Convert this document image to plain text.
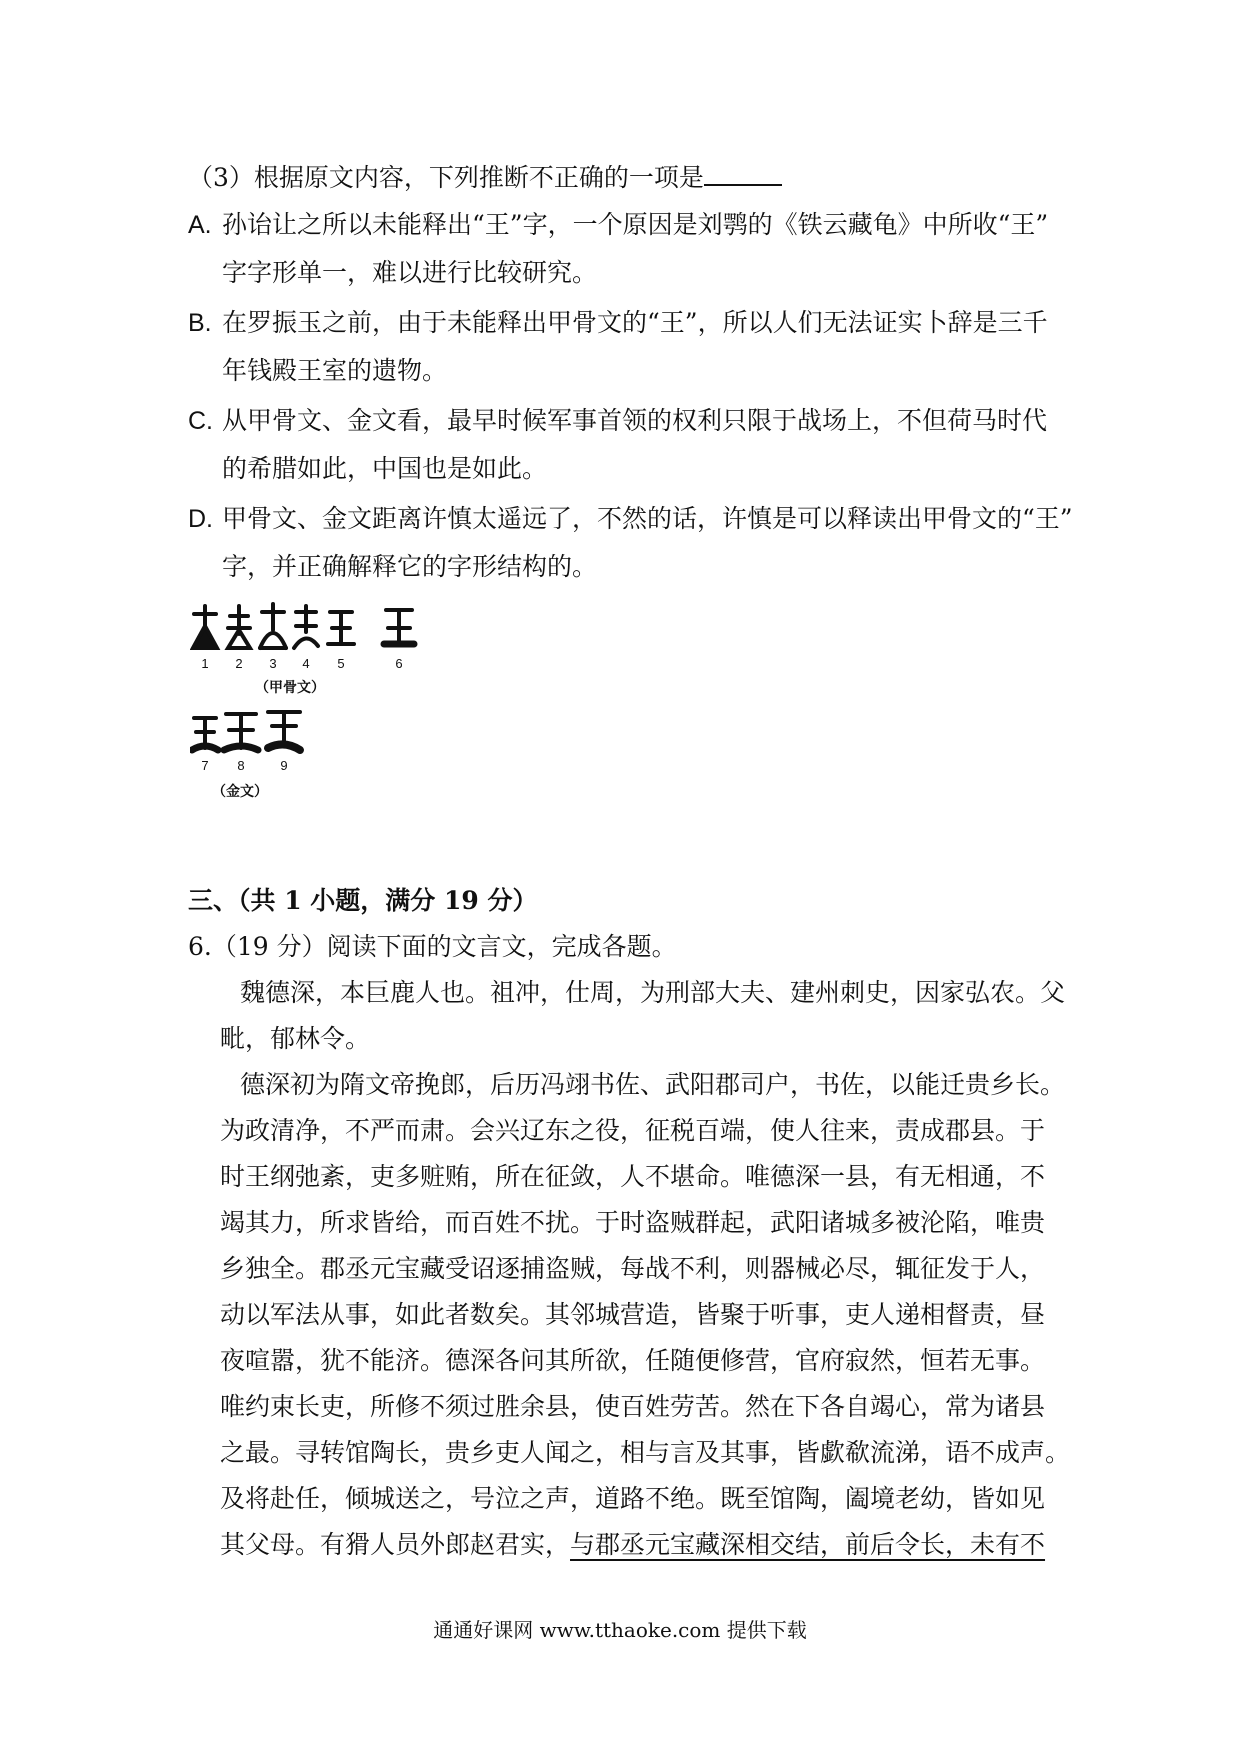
（3）根据原文内容，下列推断不正确的一项是
A. 孙诒让之所以未能释出“王”字，一个原因是刘鹗的《铁云藏龟》中所收“王”
字字形单一，难以进行比较研究。
B. 在罗振玉之前，由于未能释出甲骨文的“王”，所以人们无法证实卜辞是三千
年钱殿王室的遗物。
C. 从甲骨文、金文看，最早时候军事首领的权利只限于战场上，不但荷马时代
的希腊如此，中国也是如此。
D. 甲骨文、金文距离许慎太遥远了，不然的话，许慎是可以释读出甲骨文的“王”
字，并正确解释它的字形结构的。
1 2 3 4 5	6
（甲骨文）
7 8	9
（金文）
三、（共 1 小题，满分 19 分）
6.（19 分）阅读下面的文言文，完成各题。
魏德深，本巨鹿人也。祖冲，仕周，为刑部大夫、建州刺史，因家弘农。父
毗，郁林令。
德深初为隋文帝挽郎，后历冯翊书佐、武阳郡司户，书佐，以能迁贵乡长。
为政清净，不严而肃。会兴辽东之役，征税百端，使人往来，责成郡县。于
时王纲弛紊，吏多赃贿，所在征敛，人不堪命。唯德深一县，有无相通，不
竭其力，所求皆给，而百姓不扰。于时盗贼群起，武阳诸城多被沦陷，唯贵
乡独全。郡丞元宝藏受诏逐捕盗贼，每战不利，则器械必尽，辄征发于人，
动以军法从事，如此者数矣。其邻城营造，皆聚于听事，吏人递相督责，昼
夜喧嚣，犹不能济。德深各问其所欲，任随便修营，官府寂然，恒若无事。
唯约束长吏，所修不须过胜余县，使百姓劳苦。然在下各自竭心，常为诸县
之最。寻转馆陶长，贵乡吏人闻之，相与言及其事，皆歔欷流涕，语不成声。
及将赴任，倾城送之，号泣之声，道路不绝。既至馆陶，阖境老幼，皆如见
其父母。有猾人员外郎赵君实，与郡丞元宝藏深相交结，前后令长，未有不
通通好课网 www.tthaoke.com 提供下载
